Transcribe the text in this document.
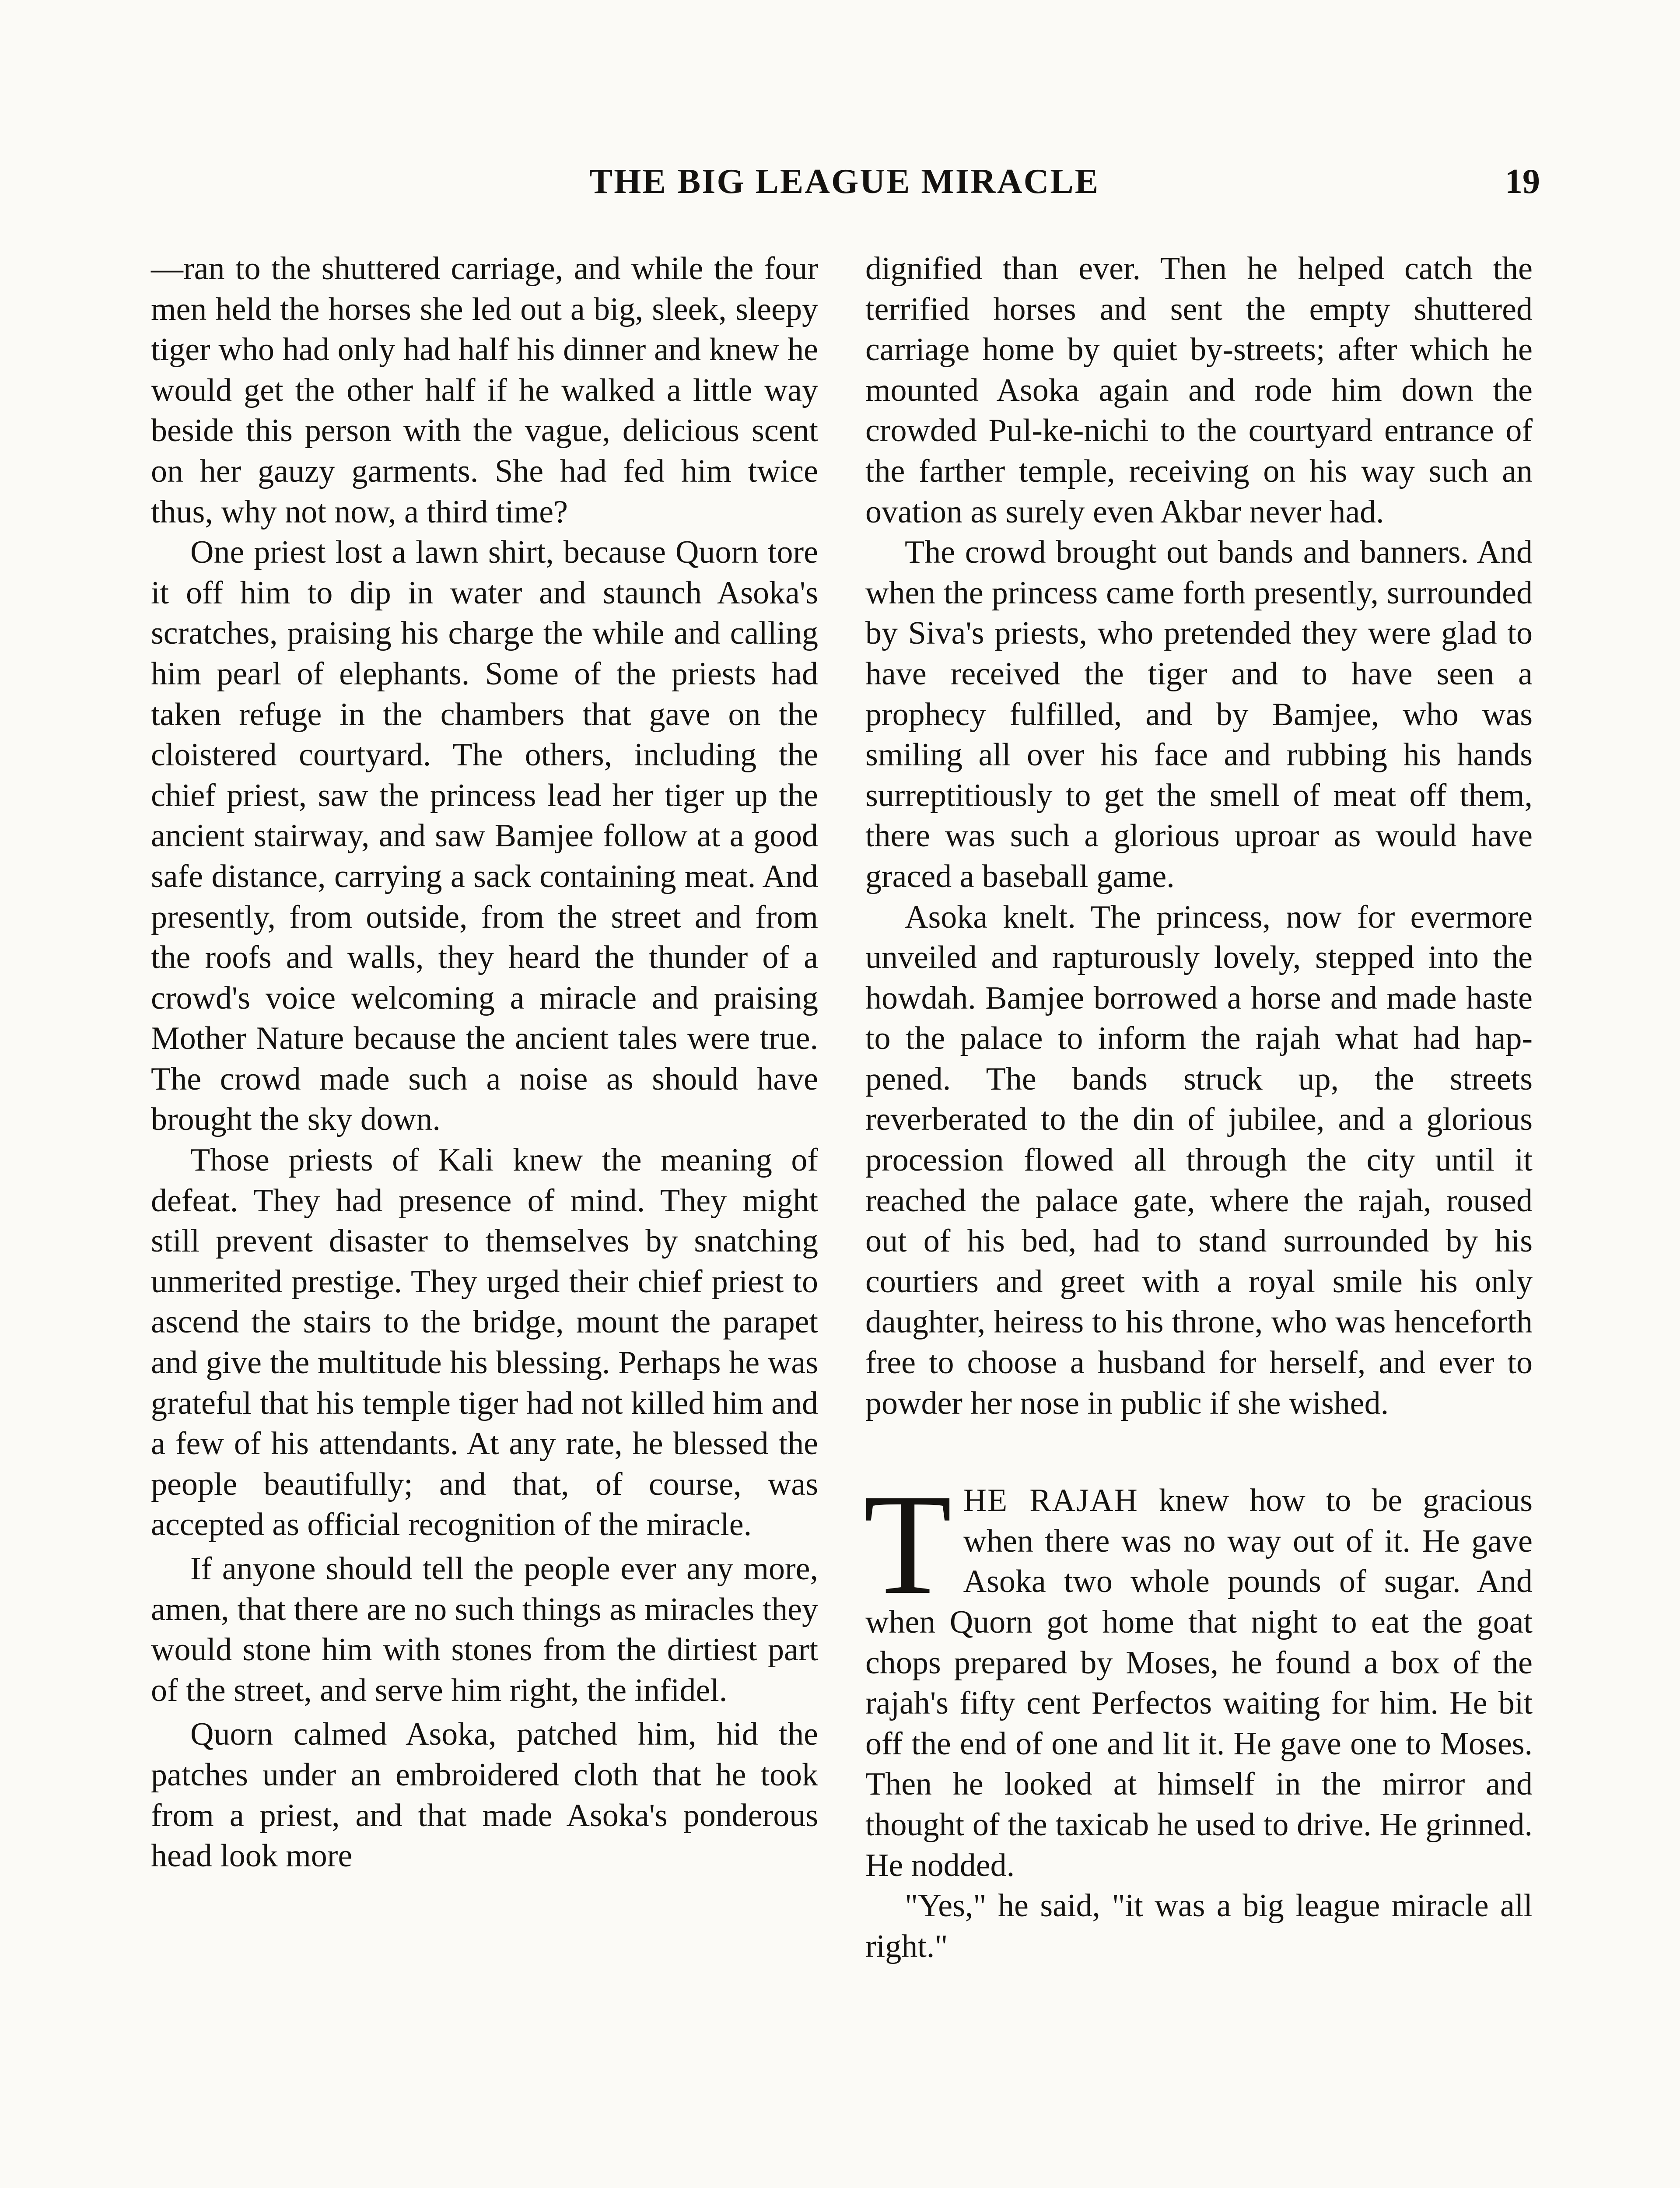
THE BIG LEAGUE MIRACLE	19

—ran to the shuttered carriage, and while the four men held the horses she led out a big, sleek, sleepy tiger who had only had half his dinner and knew he would get the other half if he walked a little way beside this person with the vague, delicious scent on her gauzy garments. She had fed him twice thus, why not now, a third time?

One priest lost a lawn shirt, because Quorn tore it off him to dip in water and staunch Asoka's scratches, praising his charge the while and calling him pearl of elephants. Some of the priests had taken refuge in the chambers that gave on the cloistered courtyard. The others, including the chief priest, saw the princess lead her tiger up the ancient stairway, and saw Bamjee follow at a good safe distance, carrying a sack containing meat. And presently, from outside, from the street and from the roofs and walls, they heard the thunder of a crowd's voice welcoming a miracle and praising Mother Nature because the ancient tales were true. The crowd made such a noise as should have brought the sky down.

Those priests of Kali knew the meaning of defeat. They had presence of mind. They might still prevent disaster to themselves by snatching unmerited prestige. They urged their chief priest to ascend the stairs to the bridge, mount the parapet and give the multitude his blessing. Perhaps he was grateful that his temple tiger had not killed him and a few of his attendants. At any rate, he blessed the people beautifully; and that, of course, was accepted as official recognition of the miracle.

If anyone should tell the people ever any more, amen, that there are no such things as miracles they would stone him with stones from the dirtiest part of the street, and serve him right, the infidel.

Quorn calmed Asoka, patched him, hid the patches under an embroidered cloth that he took from a priest, and that made Asoka's ponderous head look more

dignified than ever. Then he helped catch the terrified horses and sent the empty shuttered carriage home by quiet by-streets; after which he mounted Asoka again and rode him down the crowded Pul-ke-nichi to the courtyard entrance of the farther temple, receiving on his way such an ovation as surely even Akbar never had.

The crowd brought out bands and banners. And when the princess came forth presently, surrounded by Siva's priests, who pretended they were glad to have received the tiger and to have seen a prophecy fulfilled, and by Bamjee, who was smiling all over his face and rubbing his hands surreptitiously to get the smell of meat off them, there was such a glorious uproar as would have graced a baseball game.

Asoka knelt. The princess, now for evermore unveiled and rapturously lovely, stepped into the howdah. Bamjee borrowed a horse and made haste to the palace to inform the rajah what had happened. The bands struck up, the streets reverberated to the din of jubilee, and a glorious procession flowed all through the city until it reached the palace gate, where the rajah, roused out of his bed, had to stand surrounded by his courtiers and greet with a royal smile his only daughter, heiress to his throne, who was henceforth free to choose a husband for herself, and ever to powder her nose in public if she wished.

THE RAJAH knew how to be gracious when there was no way out of it. He gave Asoka two whole pounds of sugar. And when Quorn got home that night to eat the goat chops prepared by Moses, he found a box of the rajah's fifty cent Perfectos waiting for him. He bit off the end of one and lit it. He gave one to Moses. Then he looked at himself in the mirror and thought of the taxicab he used to drive. He grinned. He nodded.

"Yes," he said, "it was a big league miracle all right."
